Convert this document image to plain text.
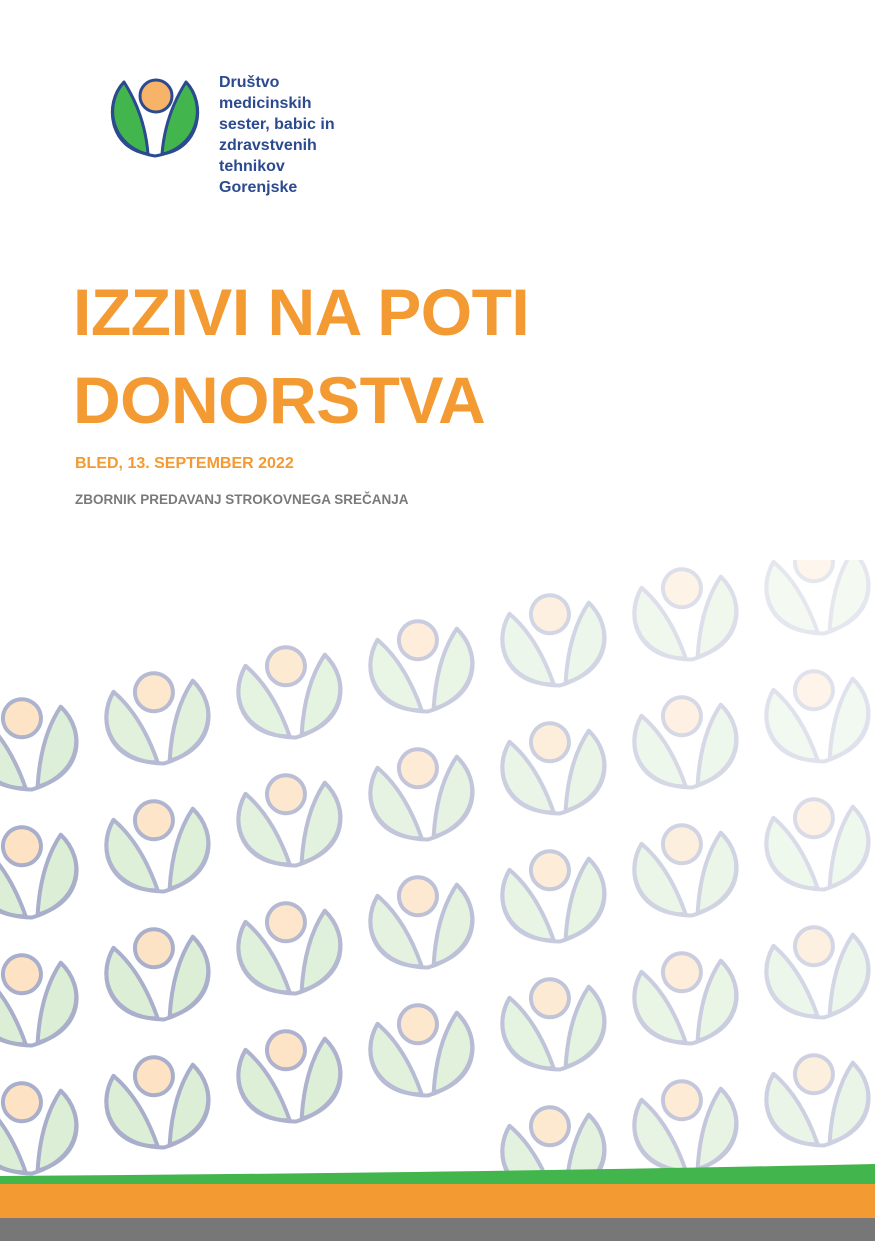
Društvo
medicinskih
sester, babic in
zdravstvenih
tehnikov
Gorenjske

IZZIVI NA POTI
DONORSTVA

BLED, 13. SEPTEMBER 2022

ZBORNIK PREDAVANJ STROKOVNEGA SREČANJA
